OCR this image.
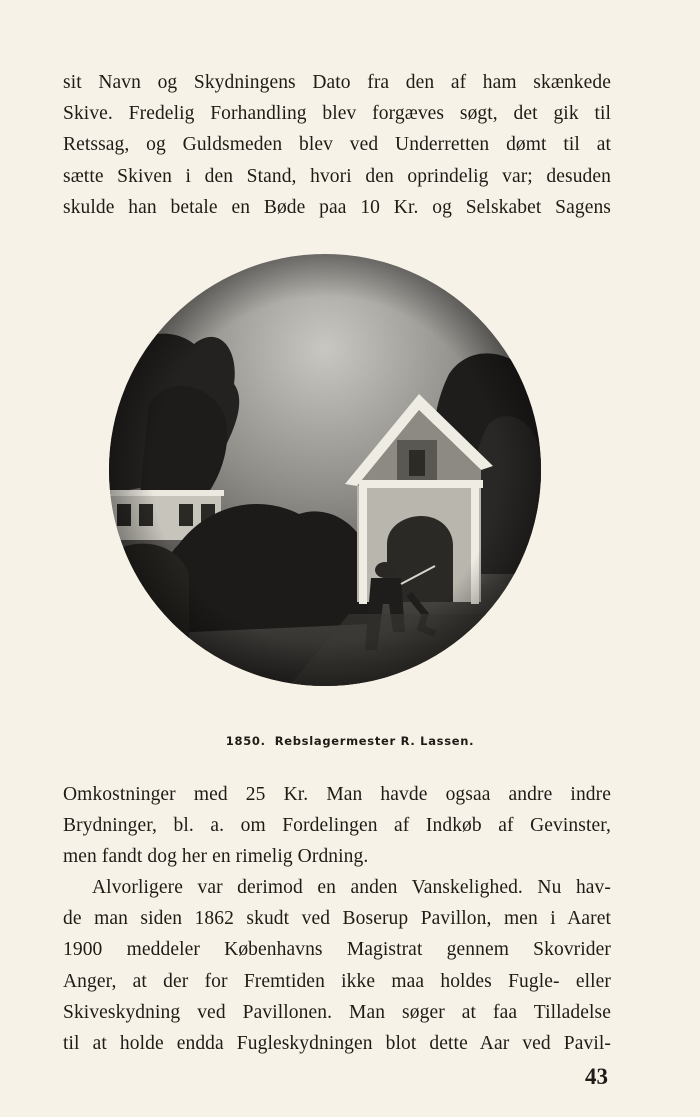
sit Navn og Skydningens Dato fra den af ham skænkede
Skive. Fredelig Forhandling blev forgæves søgt, det gik til
Retssag, og Guldsmeden blev ved Underretten dømt til at
sætte Skiven i den Stand, hvori den oprindelig var; desuden
skulde han betale en Bøde paa 10 Kr. og Selskabet Sagens
1850. Rebslagermester R. Lassen.
Omkostninger med 25 Kr. Man havde ogsaa andre indre
Brydninger, bl. a. om Fordelingen af Indkøb af Gevinster,
men fandt dog her en rimelig Ordning.
Alvorligere var derimod en anden Vanskelighed. Nu hav-
de man siden 1862 skudt ved Boserup Pavillon, men i Aaret
1900 meddeler Københavns Magistrat gennem Skovrider
Anger, at der for Fremtiden ikke maa holdes Fugle- eller
Skiveskydning ved Pavillonen. Man søger at faa Tilladelse
til at holde endda Fugleskydningen blot dette Aar ved Pavil-
43
